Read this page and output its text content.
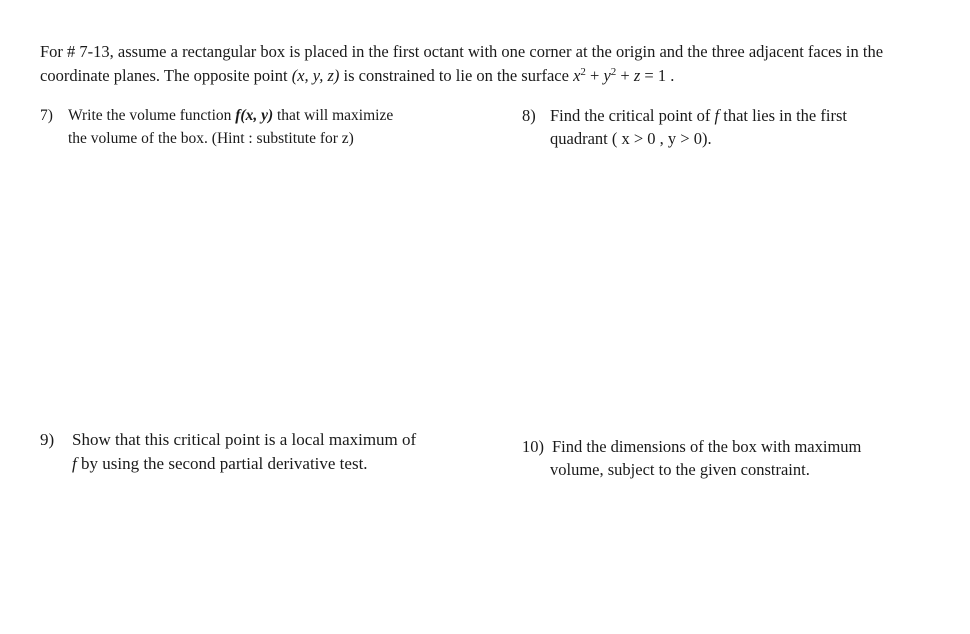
For # 7-13, assume a rectangular box is placed in the first octant with one corner at the origin and the three adjacent faces in the
coordinate planes. The opposite point (x, y, z) is constrained to lie on the surface $x^2 + y^2 + z = 1$ .
7) Write the volume function f(x, y) that will maximize
the volume of the box. (Hint : substitute for z)
8) Find the critical point of f that lies in the first
quadrant ( x > 0 , y > 0).
9) Show that this critical point is a local maximum of
f by using the second partial derivative test.
10) Find the dimensions of the box with maximum
volume, subject to the given constraint.
